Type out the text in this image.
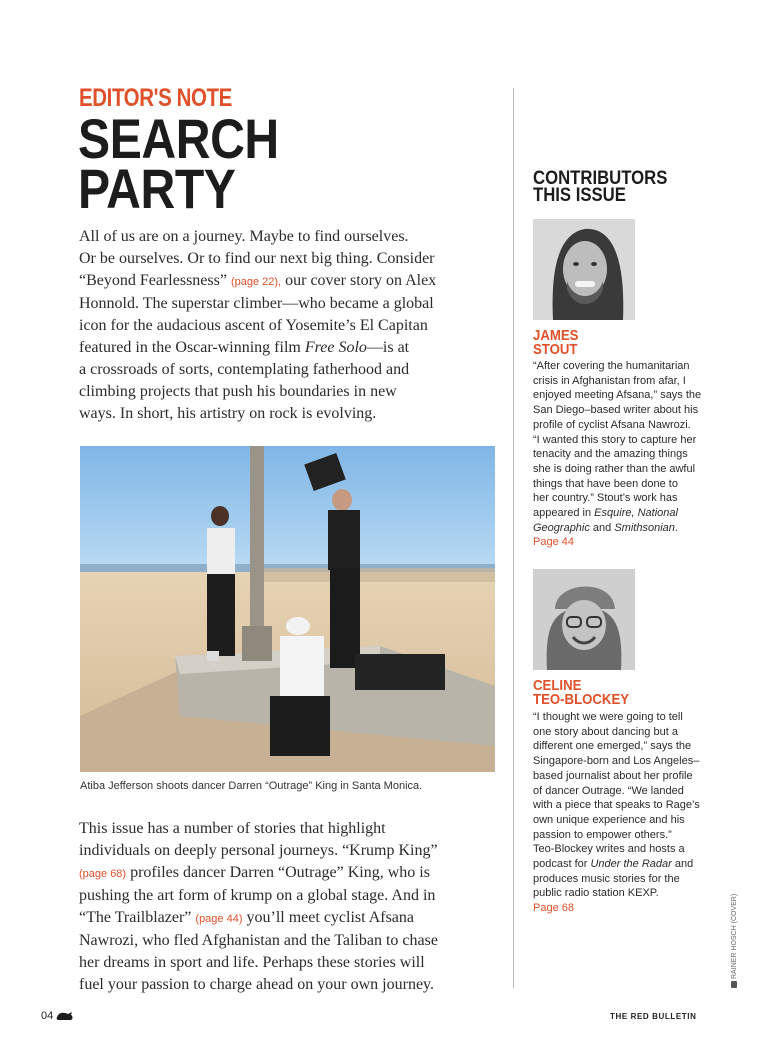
EDITOR'S NOTE
SEARCH
PARTY
All of us are on a journey. Maybe to find ourselves.
Or be ourselves. Or to find our next big thing. Consider
“Beyond Fearlessness” (page 22), our cover story on Alex
Honnold. The superstar climber—who became a global
icon for the audacious ascent of Yosemite’s El Capitan
featured in the Oscar-winning film Free Solo—is at
a crossroads of sorts, contemplating fatherhood and
climbing projects that push his boundaries in new
ways. In short, his artistry on rock is evolving.
Atiba Jefferson shoots dancer Darren “Outrage” King in Santa Monica.
This issue has a number of stories that highlight
individuals on deeply personal journeys. “Krump King”
(page 68) profiles dancer Darren “Outrage” King, who is
pushing the art form of krump on a global stage. And in
“The Trailblazer” (page 44) you’ll meet cyclist Afsana
Nawrozi, who fled Afghanistan and the Taliban to chase
her dreams in sport and life. Perhaps these stories will
fuel your passion to charge ahead on your own journey.
CONTRIBUTORS
THIS ISSUE
JAMES
STOUT
“After covering the humanitarian
crisis in Afghanistan from afar, I
enjoyed meeting Afsana,” says the
San Diego–based writer about his
profile of cyclist Afsana Nawrozi.
“I wanted this story to capture her
tenacity and the amazing things
she is doing rather than the awful
things that have been done to
her country.” Stout’s work has
appeared in Esquire, National
Geographic and Smithsonian.
Page 44
CELINE
TEO-BLOCKEY
“I thought we were going to tell
one story about dancing but a
different one emerged,” says the
Singapore-born and Los Angeles–
based journalist about her profile
of dancer Outrage. “We landed
with a piece that speaks to Rage’s
own unique experience and his
passion to empower others.”
Teo-Blockey writes and hosts a
podcast for Under the Radar and
produces music stories for the
public radio station KEXP.
Page 68	RAINER HOSCH (COVER)
04	THE RED BULLETIN
